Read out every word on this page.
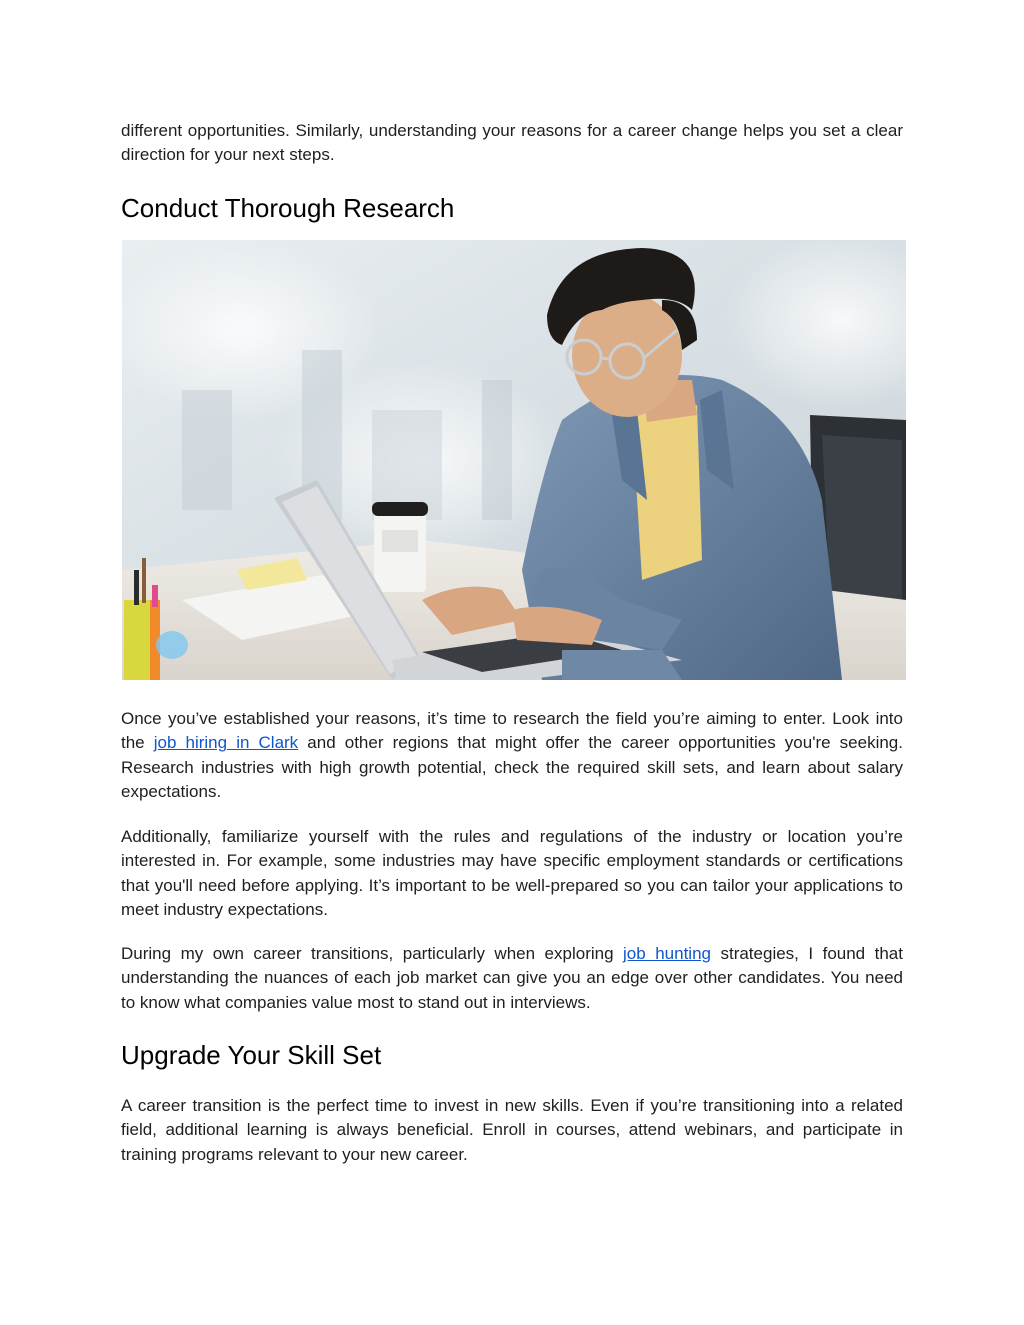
different opportunities. Similarly, understanding your reasons for a career change helps you set a clear direction for your next steps.

Conduct Thorough Research

Once you’ve established your reasons, it’s time to research the field you’re aiming to enter. Look into the job hiring in Clark and other regions that might offer the career opportunities you're seeking. Research industries with high growth potential, check the required skill sets, and learn about salary expectations.

Additionally, familiarize yourself with the rules and regulations of the industry or location you’re interested in. For example, some industries may have specific employment standards or certifications that you'll need before applying. It’s important to be well-prepared so you can tailor your applications to meet industry expectations.

During my own career transitions, particularly when exploring job hunting strategies, I found that understanding the nuances of each job market can give you an edge over other candidates. You need to know what companies value most to stand out in interviews.

Upgrade Your Skill Set

A career transition is the perfect time to invest in new skills. Even if you’re transitioning into a related field, additional learning is always beneficial. Enroll in courses, attend webinars, and participate in training programs relevant to your new career.
